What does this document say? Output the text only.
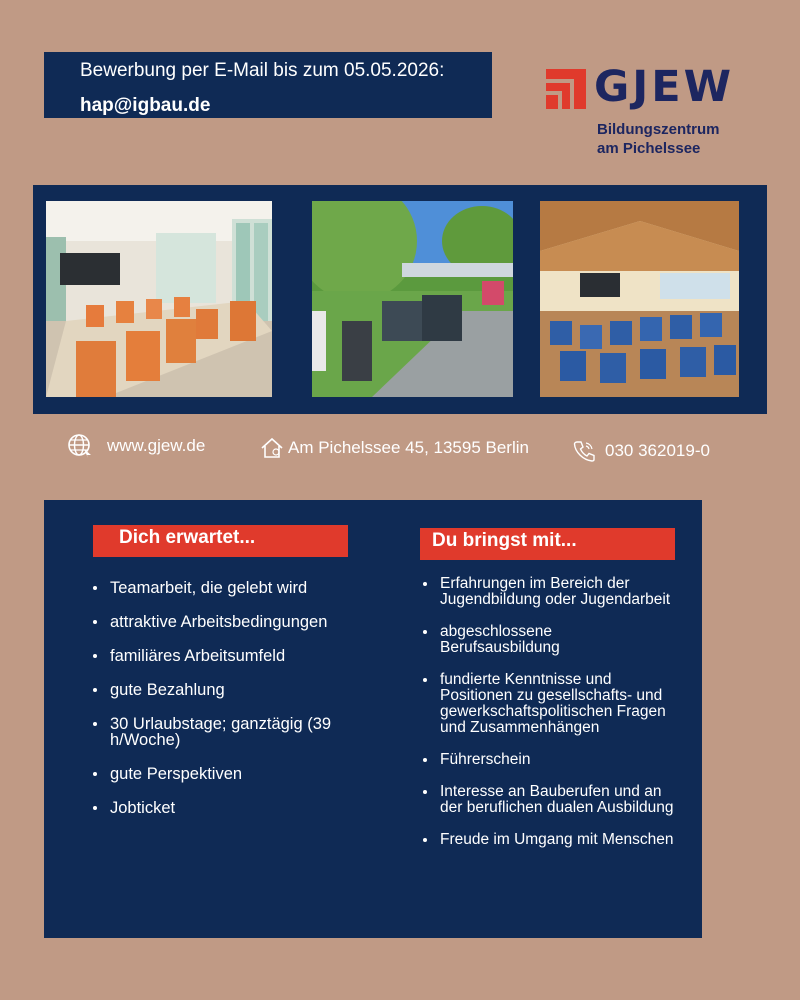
Bewerbung per E-Mail bis zum 05.05.2026:
hap@igbau.de	GJEW
Bildungszentrum
am Pichelssee
www.gjew.de	Am Pichelssee 45, 13595 Berlin	030 362019-0
Dich erwartet...
Teamarbeit, die gelebt wird
attraktive Arbeitsbedingungen
familiäres Arbeitsumfeld
gute Bezahlung
30 Urlaubstage; ganztägig (39 h/Woche)
gute Perspektiven
Jobticket
Du bringst mit...
Erfahrungen im Bereich der Jugendbildung oder Jugendarbeit
abgeschlossene Berufsausbildung
fundierte Kenntnisse und Positionen zu gesellschafts- und gewerkschaftspolitischen Fragen und Zusammenhängen
Führerschein
Interesse an Bauberufen und an der beruflichen dualen Ausbildung
Freude im Umgang mit Menschen
